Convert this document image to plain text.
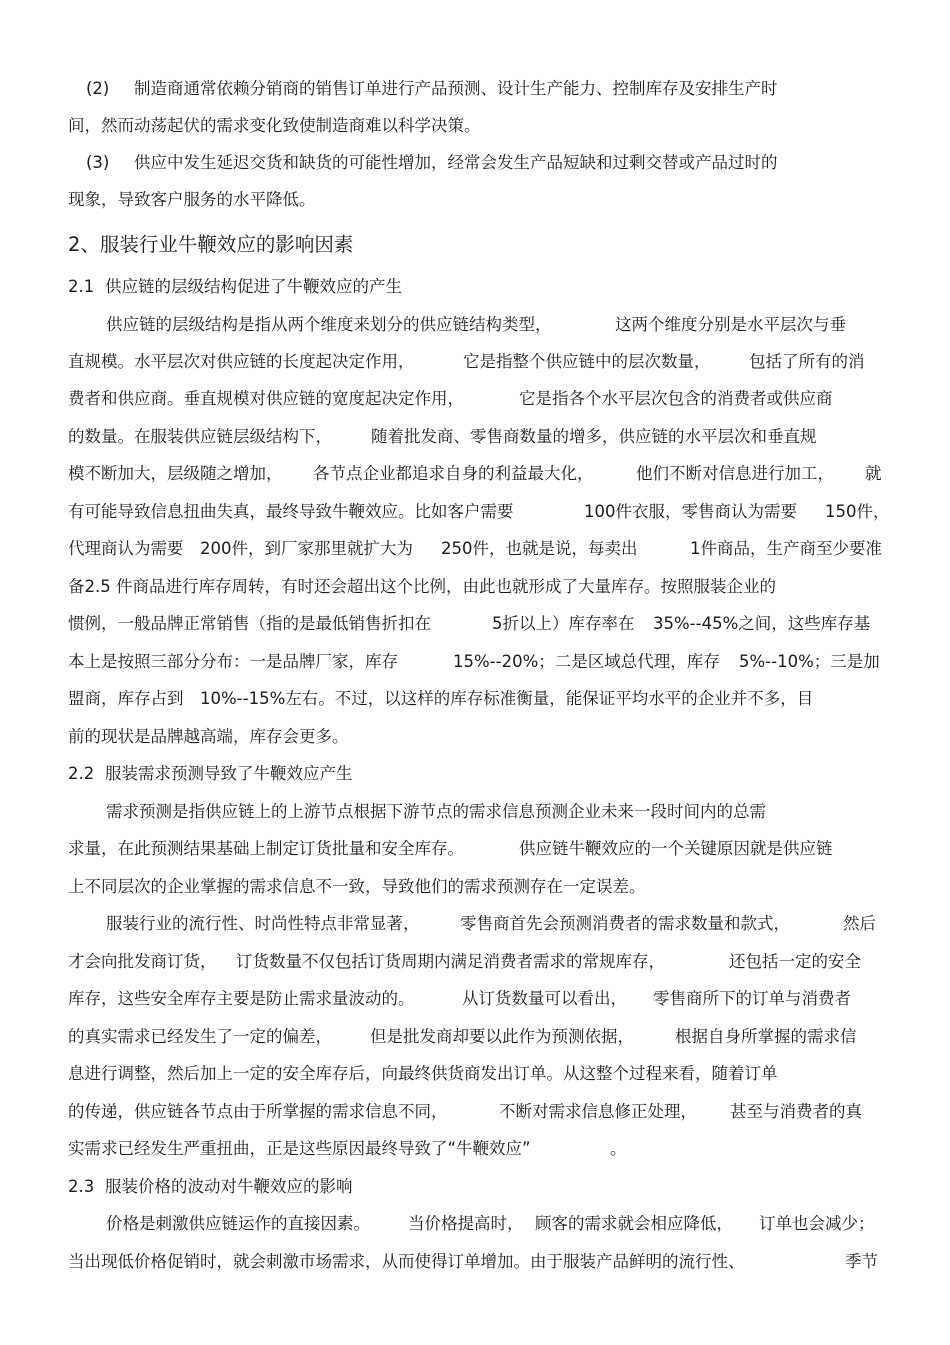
(2) 制造商通常依赖分销商的销售订单进行产品预测、设计生产能力、控制库存及安排生产时
间，然而动荡起伏的需求变化致使制造商难以科学决策。
(3) 供应中发生延迟交货和缺货的可能性增加，经常会发生产品短缺和过剩交替或产品过时的
现象，导致客户服务的水平降低。
2、服装行业牛鞭效应的影响因素
2.1 供应链的层级结构促进了牛鞭效应的产生
供应链的层级结构是指从两个维度来划分的供应链结构类型，	这两个维度分别是水平层次与垂
直规模。水平层次对供应链的长度起决定作用，	它是指整个供应链中的层次数量， 包括了所有的消
费者和供应商。垂直规模对供应链的宽度起决定作用，	它是指各个水平层次包含的消费者或供应商
的数量。在服装供应链层级结构下， 随着批发商、零售商数量的增多，供应链的水平层次和垂直规
模不断加大，层级随之增加， 各节点企业都追求自身的利益最大化，	他们不断对信息进行加工， 就
有可能导致信息扭曲失真，最终导致牛鞭效应。比如客户需要	100件衣服，零售商认为需要 150件，
代理商认为需要 200件，到厂家那里就扩大为 250件，也就是说，每卖出	1件商品，生产商至少要准
备2.5 件商品进行库存周转，有时还会超出这个比例，由此也就形成了大量库存。按照服装企业的
惯例，一般品牌正常销售（指的是最低销售折扣在	5折以上）库存率在 35%--45%之间，这些库存基
本上是按照三部分分布：一是品牌厂家，库存	15%--20%；二是区域总代理，库存 5%--10%；三是加
盟商，库存占到 10%--15%左右。不过，以这样的库存标准衡量，能保证平均水平的企业并不多，目
前的现状是品牌越高端，库存会更多。
2.2 服装需求预测导致了牛鞭效应产生
需求预测是指供应链上的上游节点根据下游节点的需求信息预测企业未来一段时间内的总需
求量，在此预测结果基础上制定订货批量和安全库存。	供应链牛鞭效应的一个关键原因就是供应链
上不同层次的企业掌握的需求信息不一致，导致他们的需求预测存在一定误差。
服装行业的流行性、时尚性特点非常显著， 零售商首先会预测消费者的需求数量和款式，	然后
才会向批发商订货， 订货数量不仅包括订货周期内满足消费者需求的常规库存，	还包括一定的安全
库存，这些安全库存主要是防止需求量波动的。	从订货数量可以看出， 零售商所下的订单与消费者
的真实需求已经发生了一定的偏差， 但是批发商却要以此作为预测依据， 根据自身所掌握的需求信
息进行调整，然后加上一定的安全库存后，向最终供货商发出订单。从这整个过程来看，随着订单
的传递，供应链各节点由于所掌握的需求信息不同，	不断对需求信息修正处理， 甚至与消费者的真
实需求已经发生严重扭曲，正是这些原因最终导致了“牛鞭效应”	。
2.3 服装价格的波动对牛鞭效应的影响
价格是刺激供应链运作的直接因素。 当价格提高时， 顾客的需求就会相应降低， 订单也会减少；
当出现低价格促销时，就会刺激市场需求，从而使得订单增加。由于服装产品鲜明的流行性、	季节
